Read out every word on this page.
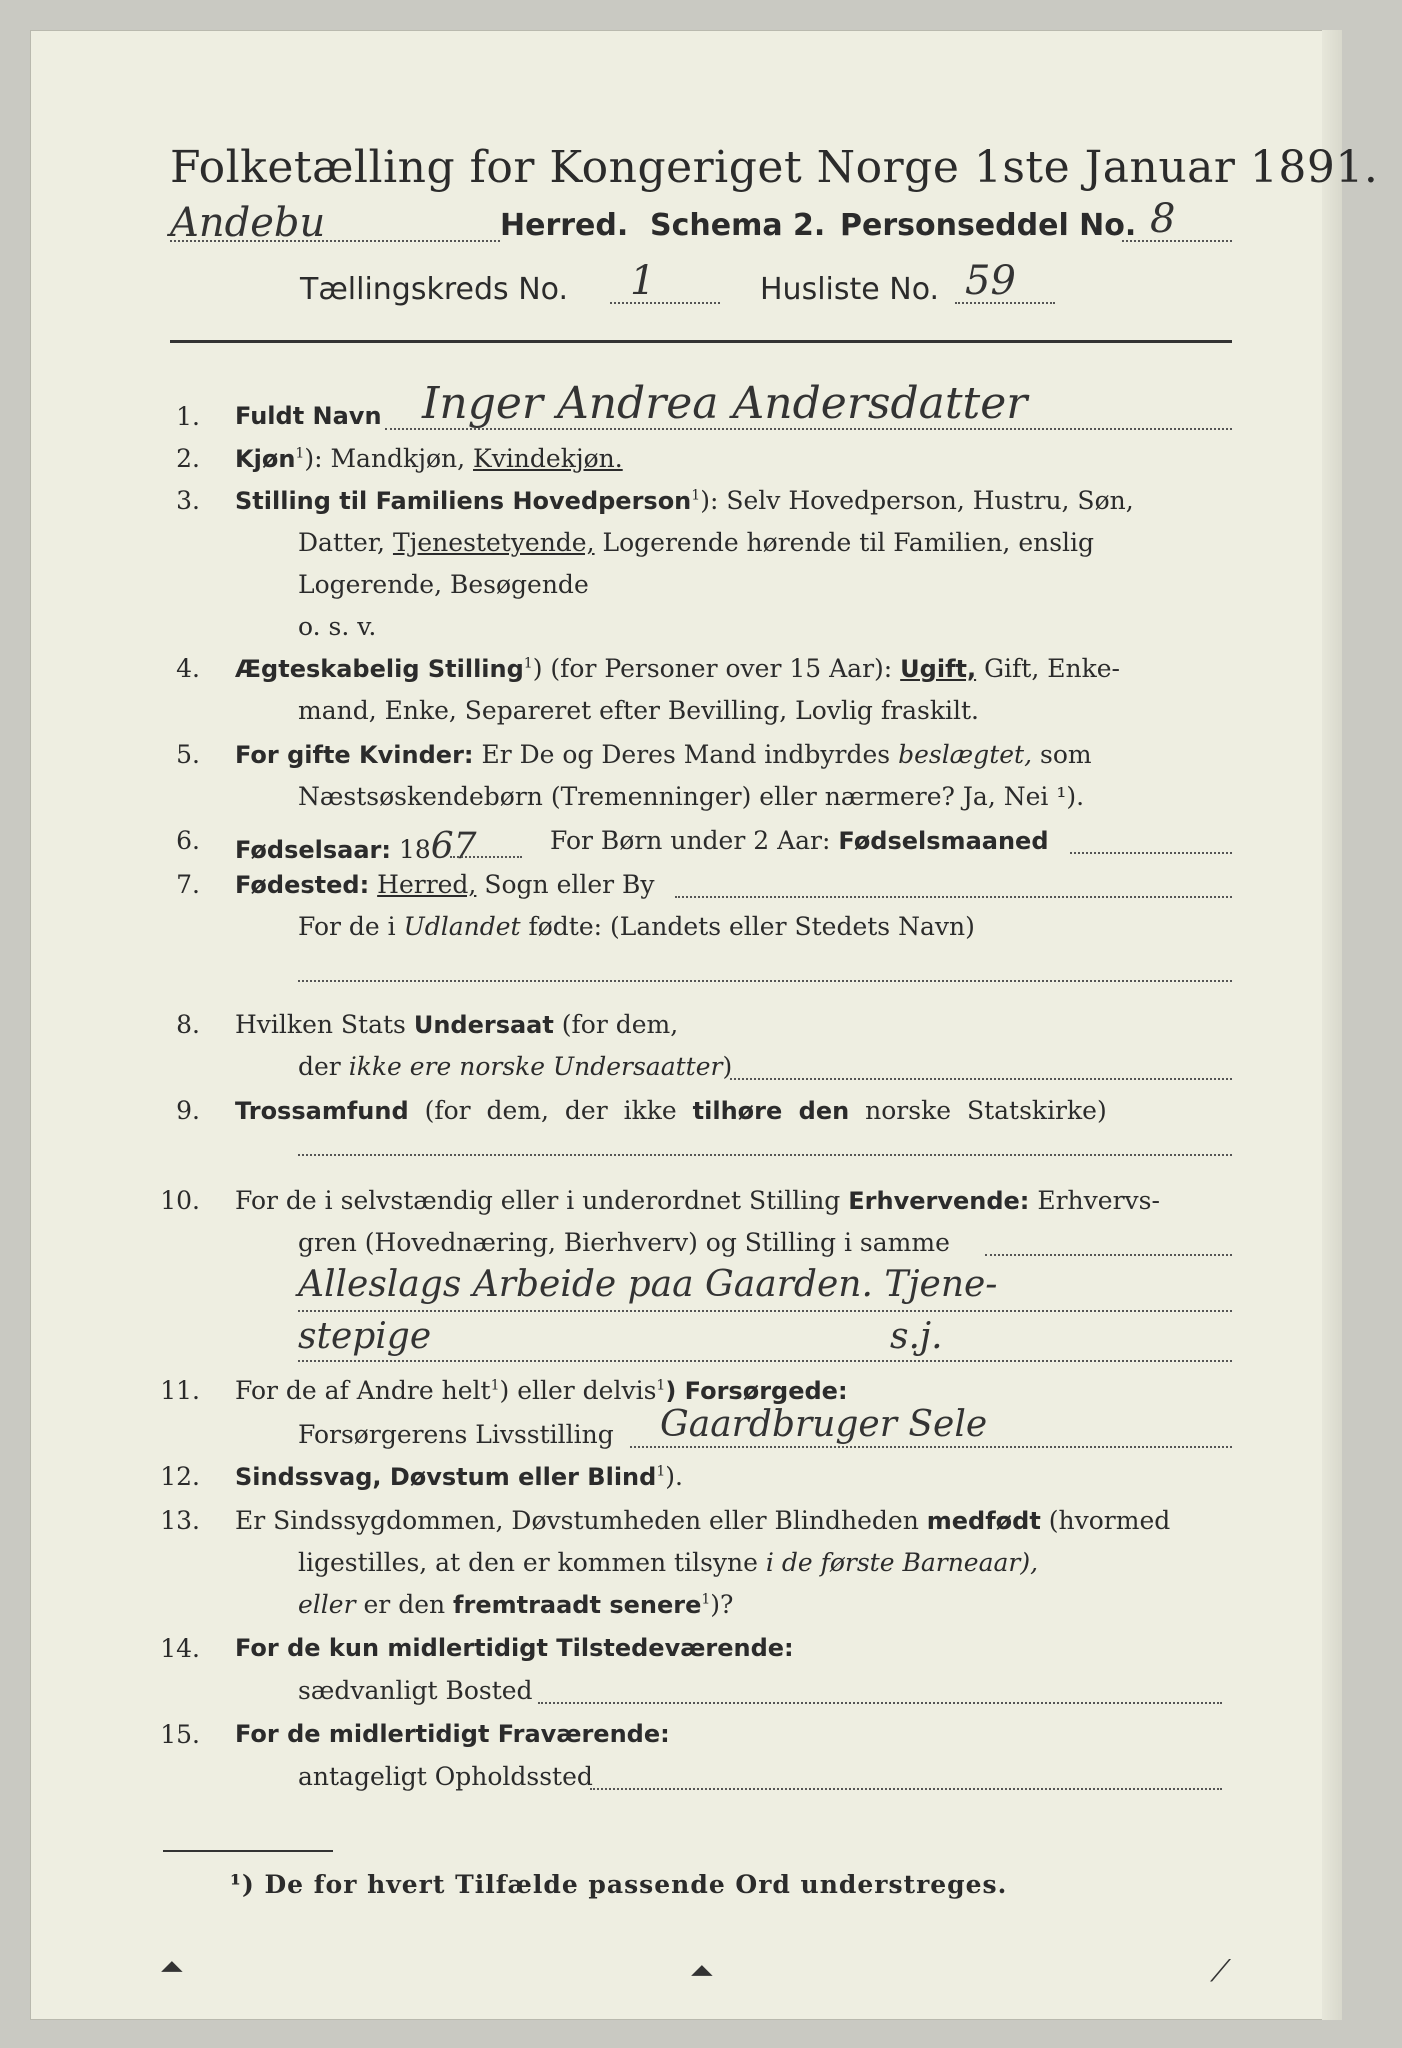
Folketælling for Kongeriget Norge 1ste Januar 1891.
Andebu	Herred. Schema 2. Personseddel No. 8
Tællingskreds No. 1	Husliste No. 59
1. Fuldt Navn Inger Andrea Andersdatter
2. Kjøn$^1$): Mandkjøn, Kvindekjøn.
3. Stilling til Familiens Hovedperson$^1$): Selv Hovedperson, Hustru, Søn,
Datter, Tjenestetyende, Logerende hørende til Familien, enslig
Logerende, Besøgende
o. s. v.
4. Ægteskabelig Stilling$^1$) (for Personer over 15 Aar): Ugift, Gift, Enke-
mand, Enke, Separeret efter Bevilling, Lovlig fraskilt.
5. For gifte Kvinder: Er De og Deres Mand indbyrdes beslægtet, som
Næstsøskendebørn (Tremenninger) eller nærmere? Ja, Nei ¹).
6. Fødselsaar: 1867	For Børn under 2 Aar: Fødselsmaaned
7. Fødested: Herred, Sogn eller By
For de i Udlandet fødte: (Landets eller Stedets Navn)
8. Hvilken Stats Undersaat (for dem,
der ikke ere norske Undersaatter)
9. Trossamfund (for dem, der ikke tilhøre den norske Statskirke)
10. For de i selvstændig eller i underordnet Stilling Erhvervende: Erhvervs-
gren (Hovednæring, Bierhverv) og Stilling i samme
Alleslags Arbeide paa Gaarden. Tjene-
stepige	s.j.
11. For de af Andre helt$^1$) eller delvis$^1$) Forsørgede:
Forsørgerens Livsstilling Gaardbruger Sele
12. Sindssvag, Døvstum eller Blind$^1$).
13. Er Sindssygdommen, Døvstumheden eller Blindheden medfødt (hvormed
ligestilles, at den er kommen tilsyne i de første Barneaar),
eller er den fremtraadt senere$^1$)?
14. For de kun midlertidigt Tilstedeværende:
sædvanligt Bosted
15. For de midlertidigt Fraværende:
antageligt Opholdssted
¹) De for hvert Tilfælde passende Ord understreges.
⏶	⏶	⟋
